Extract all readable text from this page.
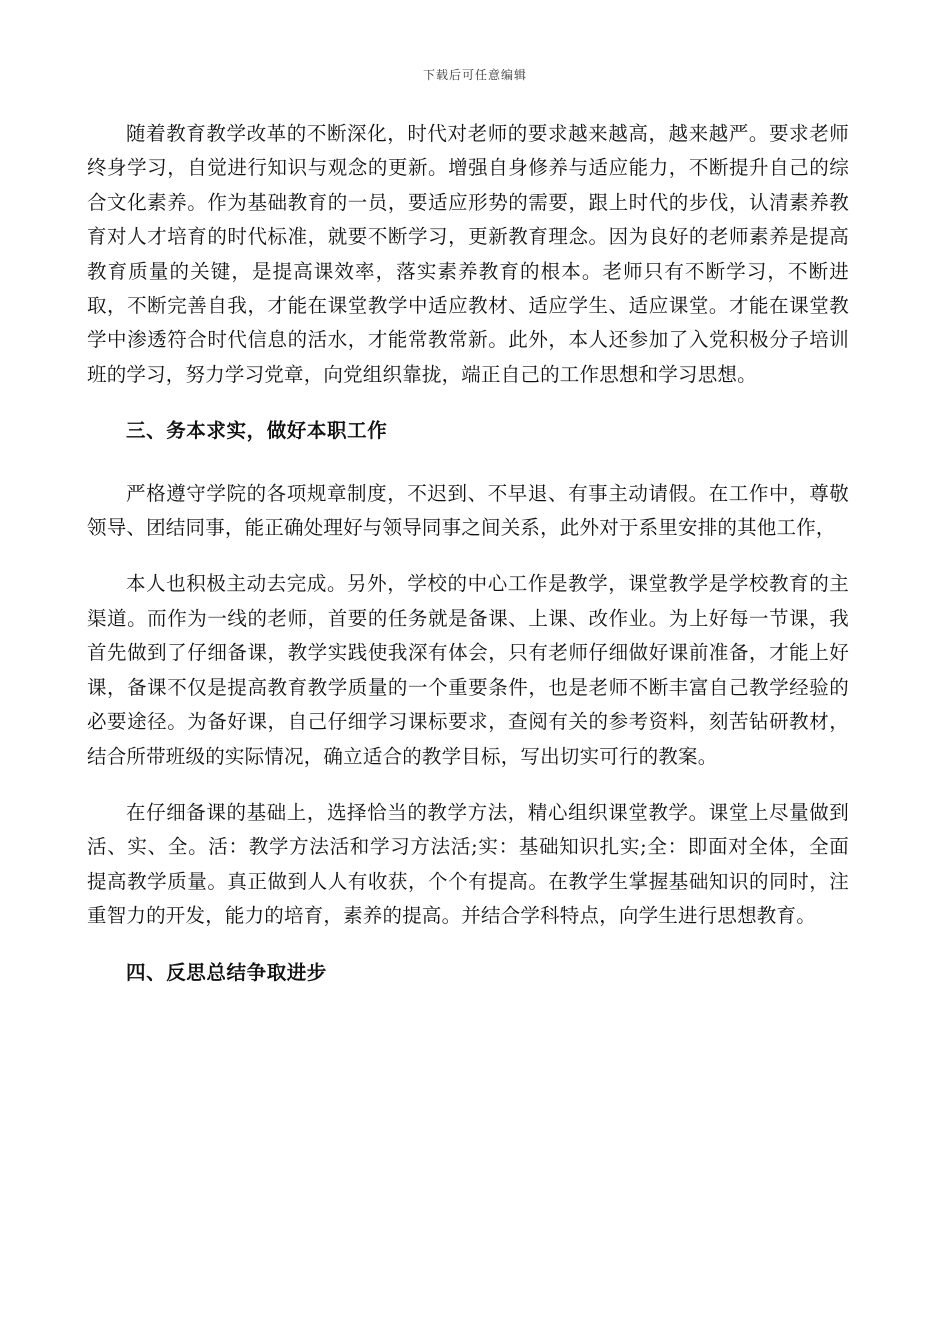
下载后可任意编辑

随着教育教学改革的不断深化，时代对老师的要求越来越高，越来越严。要求老师终身学习，自觉进行知识与观念的更新。增强自身修养与适应能力，不断提升自己的综合文化素养。作为基础教育的一员，要适应形势的需要，跟上时代的步伐，认清素养教育对人才培育的时代标准，就要不断学习，更新教育理念。因为良好的老师素养是提高教育质量的关键，是提高课效率，落实素养教育的根本。老师只有不断学习，不断进取，不断完善自我，才能在课堂教学中适应教材、适应学生、适应课堂。才能在课堂教学中渗透符合时代信息的活水，才能常教常新。此外，本人还参加了入党积极分子培训班的学习，努力学习党章，向党组织靠拢，端正自己的工作思想和学习思想。

三、务本求实，做好本职工作

严格遵守学院的各项规章制度，不迟到、不早退、有事主动请假。在工作中，尊敬领导、团结同事，能正确处理好与领导同事之间关系，此外对于系里安排的其他工作，

本人也积极主动去完成。另外，学校的中心工作是教学，课堂教学是学校教育的主渠道。而作为一线的老师，首要的任务就是备课、上课、改作业。为上好每一节课，我首先做到了仔细备课，教学实践使我深有体会，只有老师仔细做好课前准备，才能上好课，备课不仅是提高教育教学质量的一个重要条件，也是老师不断丰富自己教学经验的必要途径。为备好课，自己仔细学习课标要求，查阅有关的参考资料，刻苦钻研教材，结合所带班级的实际情况，确立适合的教学目标，写出切实可行的教案。

在仔细备课的基础上，选择恰当的教学方法，精心组织课堂教学。课堂上尽量做到活、实、全。活：教学方法活和学习方法活;实：基础知识扎实;全：即面对全体，全面提高教学质量。真正做到人人有收获，个个有提高。在教学生掌握基础知识的同时，注重智力的开发，能力的培育，素养的提高。并结合学科特点，向学生进行思想教育。

四、反思总结争取进步
